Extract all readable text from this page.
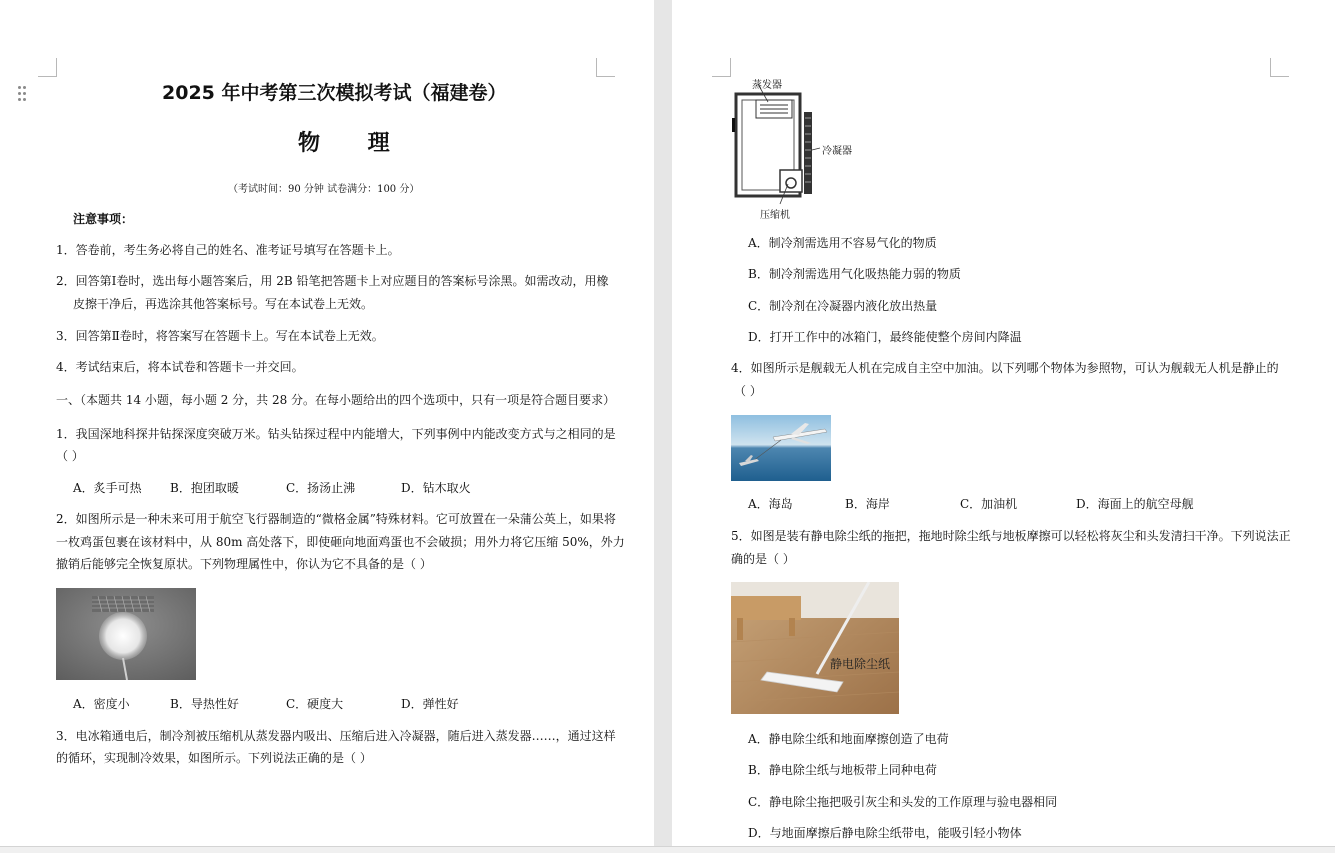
2025 年中考第三次模拟考试（福建卷）
物 理
（考试时间：90 分钟 试卷满分：100 分）
注意事项：
1．答卷前，考生务必将自己的姓名、准考证号填写在答题卡上。
2．回答第Ⅰ卷时，选出每小题答案后，用 2B 铅笔把答题卡上对应题目的答案标号涂黑。如需改动，用橡
皮擦干净后，再选涂其他答案标号。写在本试卷上无效。
3．回答第Ⅱ卷时，将答案写在答题卡上。写在本试卷上无效。
4．考试结束后，将本试卷和答题卡一并交回。
一、（本题共 14 小题，每小题 2 分，共 28 分。在每小题给出的四个选项中，只有一项是符合题目要求）
1．我国深地科探井钻探深度突破万米。钻头钻探过程中内能增大，下列事例中内能改变方式与之相同的是
（ ）
A．炙手可热 B．抱团取暖	C．扬汤止沸	D．钻木取火
2．如图所示是一种未来可用于航空飞行器制造的“微格金属”特殊材料。它可放置在一朵蒲公英上，如果将
一枚鸡蛋包裹在该材料中，从 80m 高处落下，即使砸向地面鸡蛋也不会破损；用外力将它压缩 50%，外力
撤销后能够完全恢复原状。下列物理属性中，你认为它不具备的是（ ）
A．密度小	B．导热性好	C．硬度大	D．弹性好
3．电冰箱通电后，制冷剂被压缩机从蒸发器内吸出、压缩后进入冷凝器，随后进入蒸发器……，通过这样
的循环，实现制冷效果，如图所示。下列说法正确的是（ ）
蒸发器
冷凝器
压缩机
A．制冷剂需选用不容易气化的物质
B．制冷剂需选用气化吸热能力弱的物质
C．制冷剂在冷凝器内液化放出热量
D．打开工作中的冰箱门，最终能使整个房间内降温
4．如图所示是舰载无人机在完成自主空中加油。以下列哪个物体为参照物，可认为舰载无人机是静止的
（ ）
A．海岛	B．海岸	C．加油机	D．海面上的航空母舰
5．如图是装有静电除尘纸的拖把，拖地时除尘纸与地板摩擦可以轻松将灰尘和头发清扫干净。下列说法正
确的是（ ）
静电除尘纸
A．静电除尘纸和地面摩擦创造了电荷
B．静电除尘纸与地板带上同种电荷
C．静电除尘拖把吸引灰尘和头发的工作原理与验电器相同
D．与地面摩擦后静电除尘纸带电，能吸引轻小物体
